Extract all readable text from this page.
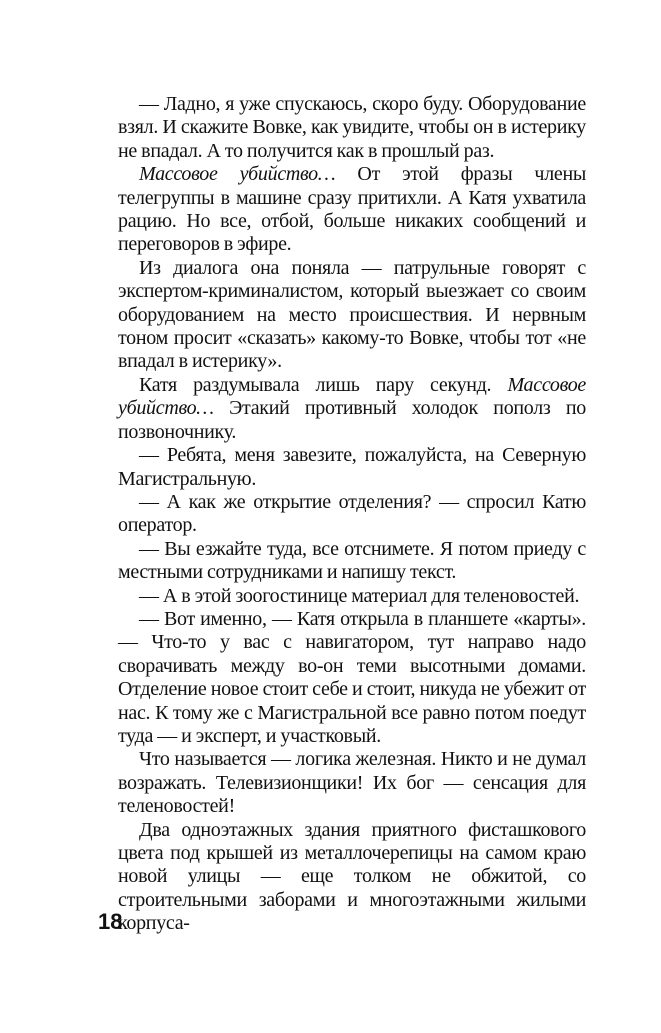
— Ладно, я уже спускаюсь, скоро буду. Оборудование взял. И скажите Вовке, как увидите, чтобы он в истерику не впадал. А то получится как в прошлый раз.

Массовое убийство… От этой фразы члены телегруппы в машине сразу притихли. А Катя ухватила рацию. Но все, отбой, больше никаких сообщений и переговоров в эфире.

Из диалога она поняла — патрульные говорят с экспертом-криминалистом, который выезжает со своим оборудованием на место происшествия. И нервным тоном просит «сказать» какому-то Вовке, чтобы тот «не впадал в истерику».

Катя раздумывала лишь пару секунд. Массовое убийство… Этакий противный холодок пополз по позвоночнику.

— Ребята, меня завезите, пожалуйста, на Северную Магистральную.

— А как же открытие отделения? — спросил Катю оператор.

— Вы езжайте туда, все отснимете. Я потом приеду с местными сотрудниками и напишу текст.

— А в этой зоогостинице материал для теленовостей.

— Вот именно, — Катя открыла в планшете «карты». — Что-то у вас с навигатором, тут направо надо сворачивать между во-он теми высотными домами. Отделение новое стоит себе и стоит, никуда не убежит от нас. К тому же с Магистральной все равно потом поедут туда — и эксперт, и участковый.

Что называется — логика железная. Никто и не думал возражать. Телевизионщики! Их бог — сенсация для теленовостей!

Два одноэтажных здания приятного фисташкового цвета под крышей из металлочерепицы на самом краю новой улицы — еще толком не обжитой, со строительными заборами и многоэтажными жилыми корпуса-

18
